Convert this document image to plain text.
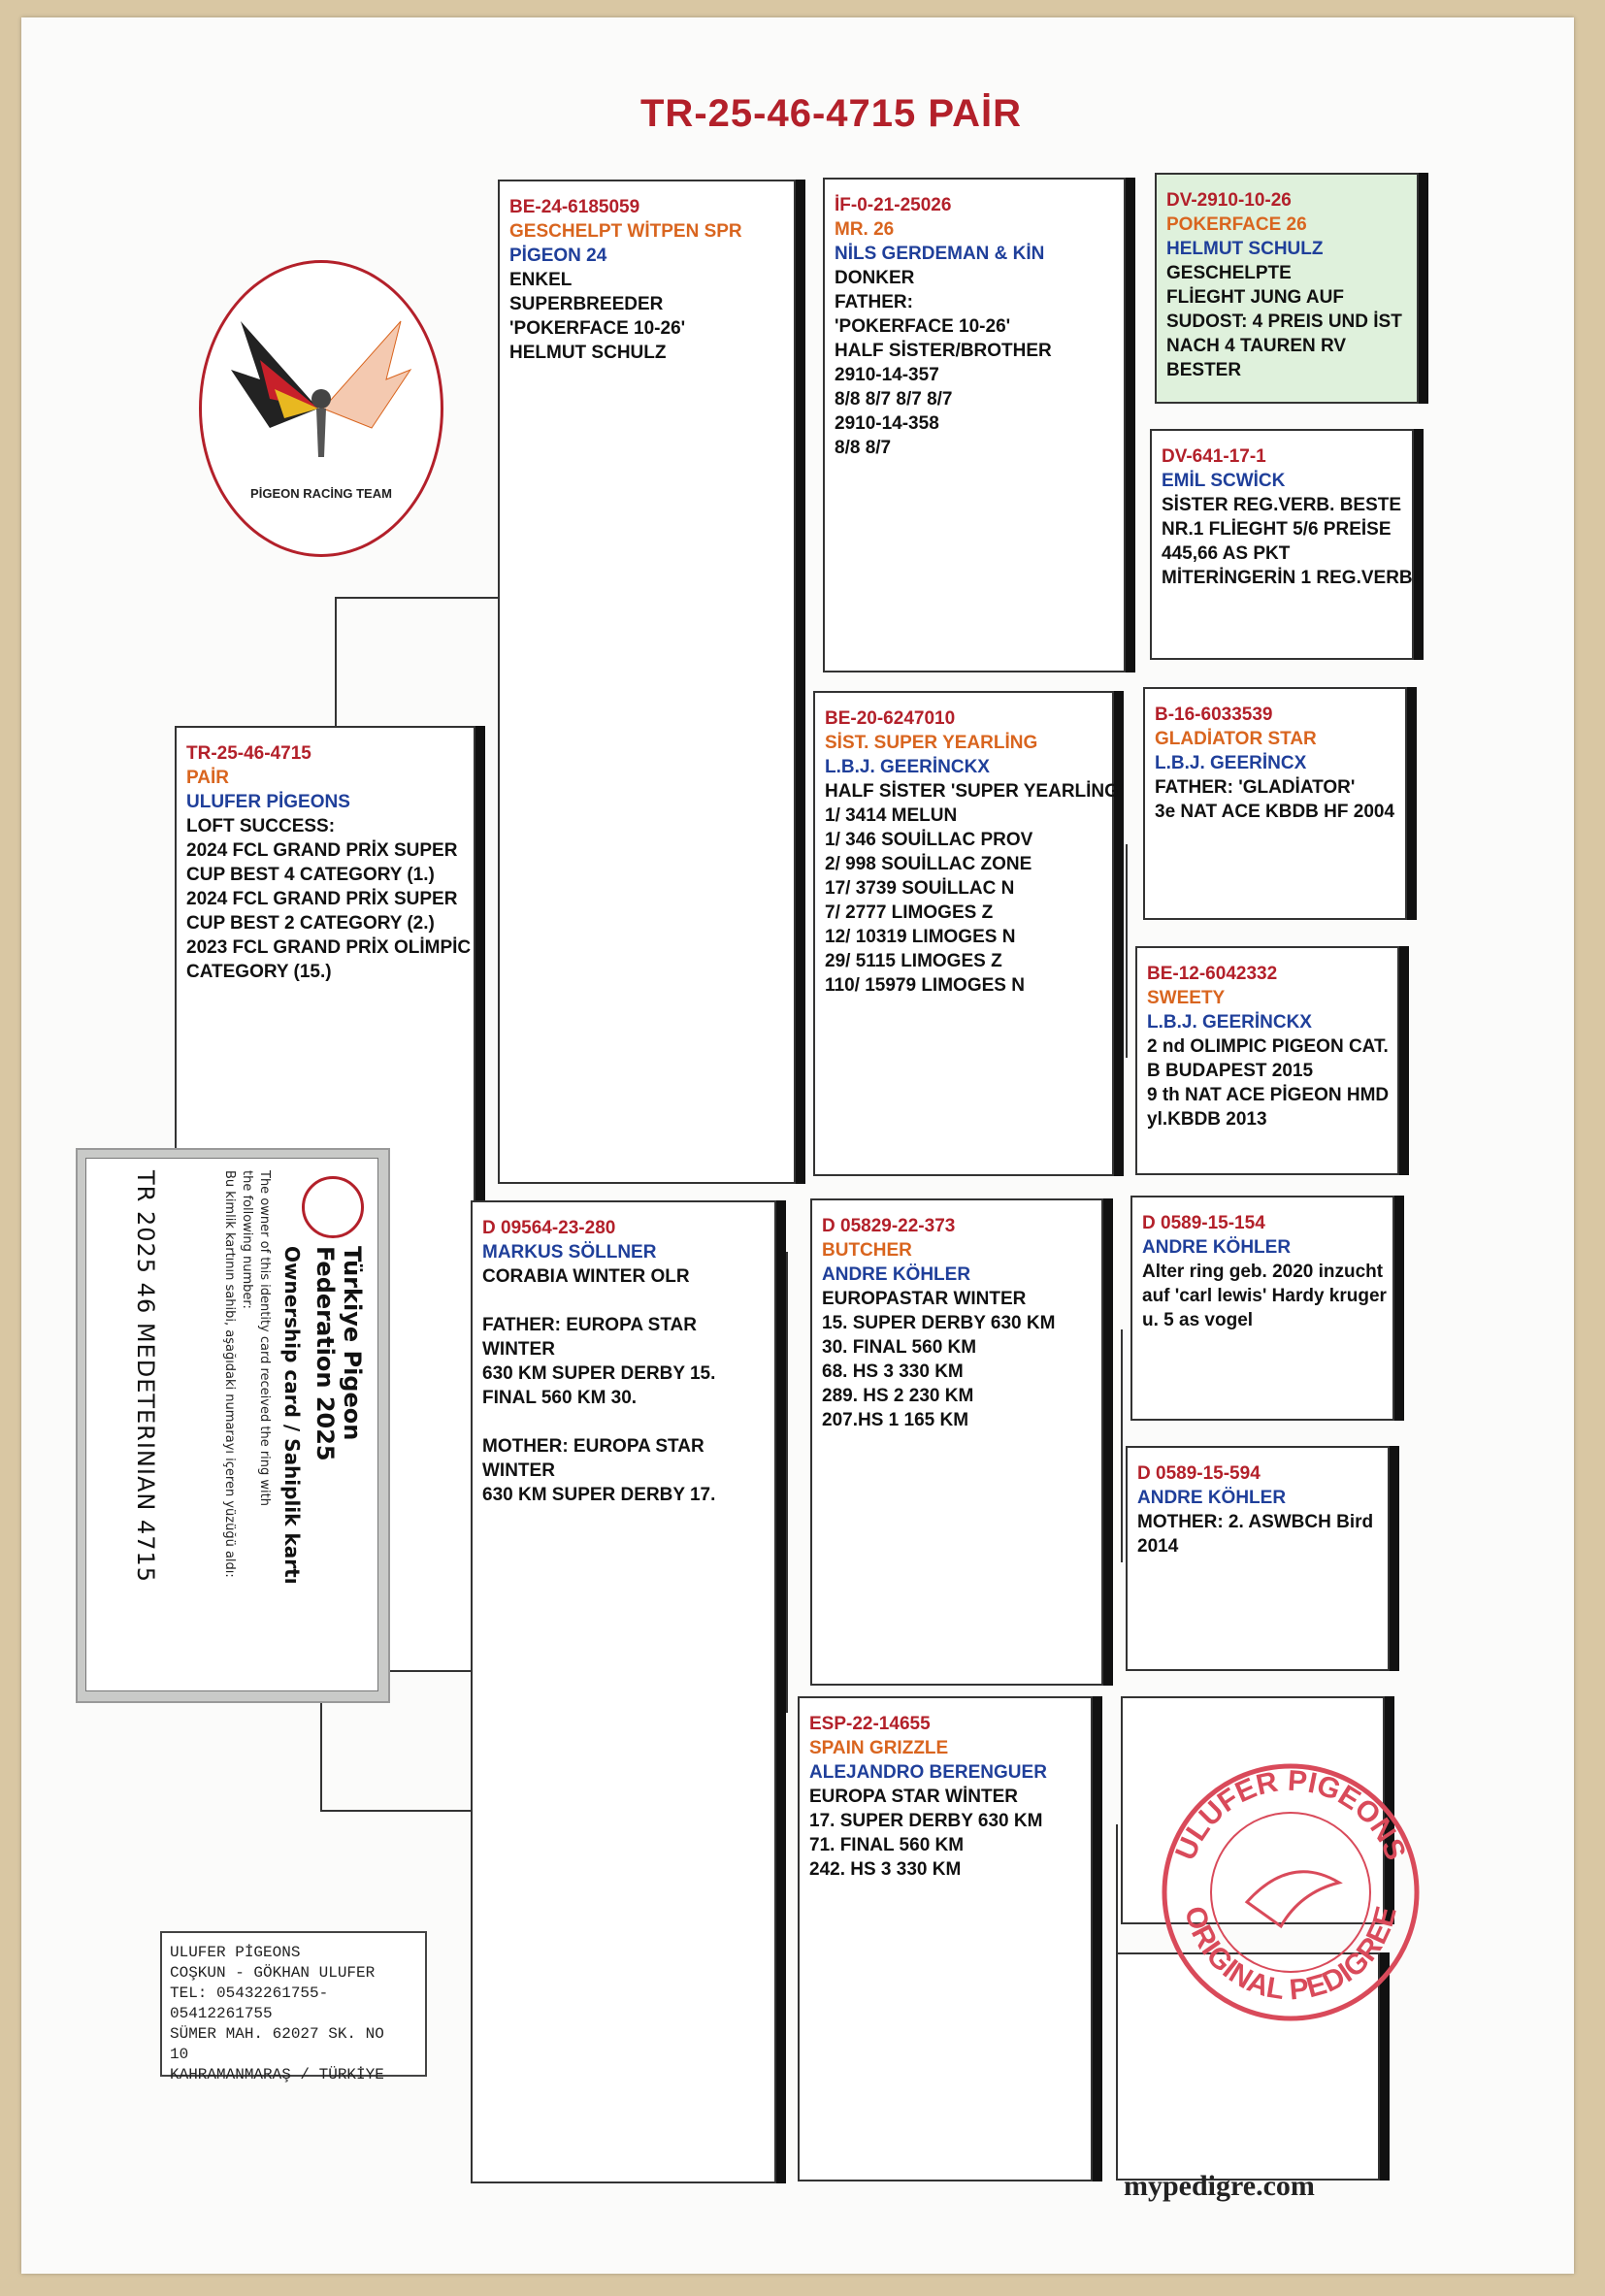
TR-25-46-4715 PAİR
PİGEON RACİNG TEAM
TR-25-46-4715
PAİR
ULUFER PİGEONS
LOFT SUCCESS:
2024 FCL GRAND PRİX SUPER
CUP BEST 4 CATEGORY (1.)
2024 FCL GRAND PRİX SUPER
CUP BEST 2 CATEGORY (2.)
2023 FCL GRAND PRİX OLİMPİC
CATEGORY (15.)
BE-24-6185059
GESCHELPT WİTPEN SPR
PİGEON 24
ENKEL
SUPERBREEDER
'POKERFACE 10-26'
HELMUT SCHULZ
D 09564-23-280
MARKUS SÖLLNER
CORABIA WINTER OLR
FATHER: EUROPA STAR
WINTER
630 KM SUPER DERBY 15.
FINAL 560 KM 30.
MOTHER: EUROPA STAR
WINTER
630 KM SUPER DERBY 17.
İF-0-21-25026
MR. 26
NİLS GERDEMAN & KİN
DONKER
FATHER:
'POKERFACE 10-26'
HALF SİSTER/BROTHER
2910-14-357
8/8 8/7 8/7 8/7
2910-14-358
8/8 8/7
BE-20-6247010
SİST. SUPER YEARLİNG
L.B.J. GEERİNCKX
HALF SİSTER 'SUPER YEARLİNG'
1/ 3414 MELUN
1/ 346 SOUİLLAC PROV
2/ 998 SOUİLLAC ZONE
17/ 3739 SOUİLLAC N
7/ 2777 LIMOGES Z
12/ 10319 LIMOGES N
29/ 5115 LIMOGES Z
110/ 15979 LIMOGES N
D 05829-22-373
BUTCHER
ANDRE KÖHLER
EUROPASTAR WINTER
15. SUPER DERBY 630 KM
30. FINAL 560 KM
68. HS 3 330 KM
289. HS 2 230 KM
207.HS 1 165 KM
ESP-22-14655
SPAIN GRIZZLE
ALEJANDRO BERENGUER
EUROPA STAR WİNTER
17. SUPER DERBY 630 KM
71. FINAL 560 KM
242. HS 3 330 KM
DV-2910-10-26
POKERFACE 26
HELMUT SCHULZ
GESCHELPTE
FLİEGHT JUNG AUF
SUDOST: 4 PREIS UND İST
NACH 4 TAUREN RV
BESTER
DV-641-17-1
EMİL SCWİCK
SİSTER REG.VERB. BESTE
NR.1 FLİEGHT 5/6 PREİSE
445,66 AS PKT
MİTERİNGERİN 1 REG.VERB.
B-16-6033539
GLADİATOR STAR
L.B.J. GEERİNCX
FATHER: 'GLADİATOR'
3e NAT ACE KBDB HF 2004
BE-12-6042332
SWEETY
L.B.J. GEERİNCKX
2 nd OLIMPIC PIGEON CAT.
B BUDAPEST 2015
9 th NAT ACE PİGEON HMD
yl.KBDB 2013
D 0589-15-154
ANDRE KÖHLER
Alter ring geb. 2020 inzucht
auf 'carl lewis' Hardy kruger
u. 5 as vogel
D 0589-15-594
ANDRE KÖHLER
MOTHER: 2. ASWBCH Bird
2014
ULUFER PİGEONS
ORIGINAL PEDIGREE
Türkiye Pigeon
Federation 2025
Ownership card / Sahiplik kartı
The owner of this identity card received the ring with
the following number:
Bu kimlik kartının sahibi, aşağıdaki numarayı içeren yüzüğü aldı:
TR 2025 46 MEDETERINIAN 4715
ULUFER PİGEONS
COŞKUN - GÖKHAN ULUFER
TEL: 05432261755-
05412261755
SÜMER MAH. 62027 SK. NO
10
KAHRAMANMARAŞ / TÜRKİYE
mypedigre.com
